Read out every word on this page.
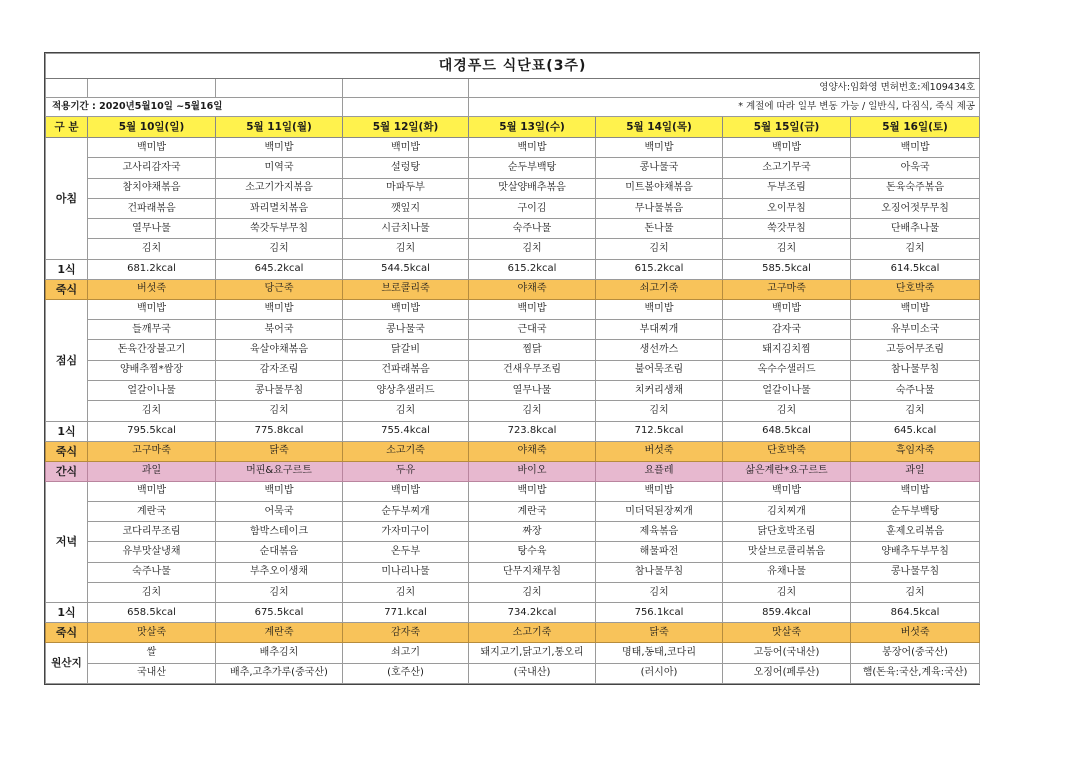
대경푸드 식단표(3주)							
				영양사:임화영 면허번호:제109434호			
적용기간 : 2020년5월10일 ~5월16일				* 계절에 따라 일부 변동 가능 / 일반식, 다짐식, 죽식 제공			
구 분	5월 10일(일)	5월 11일(월)	5월 12일(화)	5월 13일(수)	5월 14일(목)	5월 15일(금)	5월 16일(토)
아침	백미밥	백미밥	백미밥	백미밥	백미밥	백미밥	백미밥
	고사리감자국	미역국	설렁탕	순두부백탕	콩나물국	소고기무국	아욱국
	참치야채볶음	소고기가지볶음	마파두부	맛살양배추볶음	미트볼야채볶음	두부조림	돈육숙주볶음
	건파래볶음	꽈리멸치볶음	깻잎지	구이김	무나물볶음	오이무침	오징어젓무무침
	열무나물	쑥갓두부무침	시금치나물	숙주나물	돈나물	쑥갓무침	단배추나물
	김치	김치	김치	김치	김치	김치	김치
1식	681.2kcal	645.2kcal	544.5kcal	615.2kcal	615.2kcal	585.5kcal	614.5kcal
죽식	버섯죽	당근죽	브로콜리죽	야채죽	쇠고기죽	고구마죽	단호박죽
점심	백미밥	백미밥	백미밥	백미밥	백미밥	백미밥	백미밥
	들깨무국	북어국	콩나물국	근대국	부대찌개	감자국	유부미소국
	돈육간장불고기	육살야채볶음	닭갈비	찜닭	생선까스	돼지김치찜	고등어무조림
	양배추찜*쌈장	감자조림	건파래볶음	건새우무조림	불어묵조림	옥수수샐러드	참나물무침
	얼갈이나물	콩나물무침	양상추샐러드	열무나물	치커리생채	얼갈이나물	숙주나물
	김치	김치	김치	김치	김치	김치	김치
1식	795.5kcal	775.8kcal	755.4kcal	723.8kcal	712.5kcal	648.5kcal	645.kcal
죽식	고구마죽	닭죽	소고기죽	야채죽	버섯죽	단호박죽	흑임자죽
간식	과일	머핀&요구르트	두유	바이오	요플레	삶은계란*요구르트	과일
저녁	백미밥	백미밥	백미밥	백미밥	백미밥	백미밥	백미밥
	계란국	어묵국	순두부찌개	계란국	미더덕된장찌개	김치찌개	순두부백탕
	코다리무조림	함박스테이크	가자미구이	짜장	제육볶음	닭단호박조림	훈제오리볶음
	유부맛살냉채	순대볶음	온두부	탕수육	해물파전	맛살브로콜리볶음	양배추두부무침
	숙주나물	부추오이생채	미나리나물	단무지채무침	참나물무침	유채나물	콩나물무침
	김치	김치	김치	김치	김치	김치	김치
1식	658.5kcal	675.5kcal	771.kcal	734.2kcal	756.1kcal	859.4kcal	864.5kcal
죽식	맛살죽	계란죽	감자죽	소고기죽	닭죽	맛살죽	버섯죽
원산지	쌀	배추김치	쇠고기	돼지고기,닭고기,통오리	명태,동태,코다리	고등어(국내산)	봉장어(중국산)
	국내산	배추,고추가루(중국산)	(호주산)	(국내산)	(러시아)	오징어(페루산)	햄(돈육:국산,계육:국산)
